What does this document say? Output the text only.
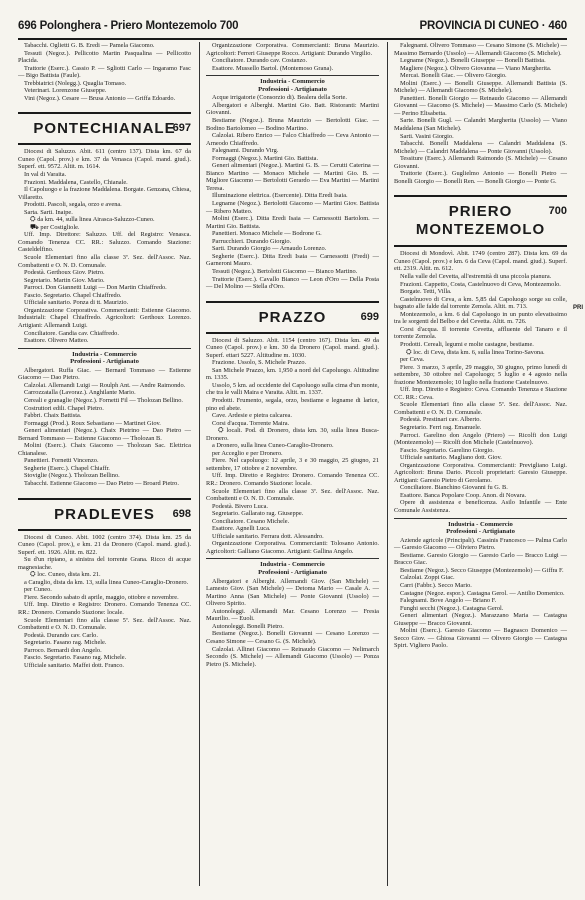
696 Polonghera - Priero Montezemolo 700	PROVINCIA DI CUNEO · 460
PRI

Tabacchi. Oglietti G. B. Eredi — Pamela Giacomo.

Tessuti (Negoz.). Pellicotto Martin Pasqualina — Pellicotto Placida.

Trattorie (Eserc.). Cassio P. — Sgliotti Carlo — Ingaramo Fasc — Bigo Battista (Faule).

Trebbiatrici (Nolegg.). Quaglia Tomaso.

Veterinari. Lorenzone Giuseppe.

Vini (Negoz.). Cesare — Brusa Antonio — Griffa Edoardo.

PONTECHIANALE
697

Diocesi di Saluzzo. Abit. 611 (centro 137). Dista km. 67 da Cuneo (Capol. prov.) e km. 37 da Venasca (Capol. mand. giud.). Superf. ett. 9572. Altit. m. 1614.

In val di Varaita.

Frazioni. Maddalena, Castello, Chianale.

Il Capoluogo e la frazione Maddalena. Borgate. Genzana, Chiesa, Villaretto.

Prodotti. Pascoli, segala, orzo e avena.

Sarta. Sarti. Inaipe.

⛭ da km. 44, sulla linea Airasca-Saluzzo-Cuneo.

⛟ per Costigliole.

Uff. Imp. Direttore: Saluzzo. Uff. del Registro: Venasca. Comando Tenenza CC. RR.: Saluzzo. Comando Stazione: Casteldelfino.

Scuole Elementari fino alla classe 3ª. Sez. dell'Assoc. Naz. Combattenti e O. N. D. Comunale.

Podestà. Gerthoux Giov. Pietro.

Segretario. Martin Giov. Mario.

Parroci. Don Giannetti Luigi — Don Martin Chiaffredo.

Fascio. Segretario. Chapel Chiaffredo.

Ufficiale sanitario. Ponza di tt. Maurizio.

Organizzazione Corporativa. Commercianti: Estienne Giacomo. Industriali: Chapel Chiaffredo. Agricoltori: Gerthoux Lorenzo. Artigiani: Allemandi Luigi.

Conciliatore. Gandia cav. Chiaffredo.

Esattore. Olivero Matteo.

Industria - Commercio
Professioni - Artigianato

Albergatori. Ruffa Giac. — Bernard Tommaso — Estienne Giacomo — Dao Pietro.

Calzolai. Allemandi Luigi — Roulph Ant. — Andre Raimondo.

Carrozzatalla (Lavoraz.). Anghilante Mario.

Cereali e granaglie (Negoz.). Fornetti Fil — Tholozan Bellino.

Costruttori edili. Chapel Pietro.

Fabbri. Chaix Battista.

Formaggi (Prod.). Roux Sebastiano — Martinet Giov.

Generi alimentari (Negoz.). Chaix Pietrino — Dao Pietro — Bernard Tommaso — Estienne Giacomo — Tholozan B.

Molini (Eserc.). Chaix Giacomo — Tholozan Sac. Elettrica Chianalese.

Panettieri. Fornetti Vincenzo.

Segherie (Eserc.). Chapel Chiaffr.

Stoviglie (Negoz.). Tholozan Bellino.

Tabacchi. Estienne Giacomo — Dao Pietro — Broard Pietro.

PRADLEVES	698

Diocesi di Cuneo. Abit. 1002 (centro 374). Dista km. 25 da Cuneo (Capol. prov.), e km. 21 da Dronero (Capol. mand. giud.). Superf. ett. 1926. Altit. m. 822.

Su d'un ripiano, a sinistra del torrente Grana. Ricco di acque magnesiache.

⛭ loc. Cuneo, dista km. 21.

a Caraglio, dista da km. 13, sulla linea Cuneo-Caraglio-Dronero.

per Cuneo.

Fiere. Secondo sabato di aprile, maggio, ottobre e novembre.

Uff. Imp. Diretto e Registro: Dronero. Comando Tenenza CC. RR.: Dronero. Comando Stazione: locale.

Scuole Elementari fino alla classe 5ª. Sez. dell'Assoc. Naz. Combattenti e O. N. D. Comunale.

Podestà. Durando cav. Carlo.

Segretario. Fasano rag. Michele.

Parroco. Bernardi don Angelo.

Fascio. Segretario. Fasano rag. Michele.

Ufficiale sanitario. Maffei dott. Franco.

Organizzazione Corporativa. Commercianti: Bruna Maurizio. Agricoltori: Ferreri Giuseppe Rocco. Artigiani: Durando Virgilio.

Conciliatore. Durando cav. Costanzo.

Esattore. Mussello Bartol. (Montemoso Grana).

Industria - Commercio
Professioni - Artigianato

Acque irrigatorie (Consorzio di). Bealera della Sorte.

Albergatori e Alberghi. Martini Gio. Batt. Ristoranti: Martini Giovanni.

Bestiame (Negoz.). Bruna Maurizio — Bertolotti Giac. — Bodino Bartolomeo — Bodino Martino.

Calzolai. Ribero Enrico — Falco Chiaffredo — Ceva Antonio — Arneodo Chiaffredo.

Falegnami. Durando Virg.

Formaggi (Negoz.). Martini Gio. Battista.

Generi alimentari (Negoz.). Martini G. B. — Cerutti Caterina — Bianco Martino — Monaco Michele — Martini Gio. B. — Migliore Giacomo — Bertolotti Gerardo — Eva Martini — Martini Teresa.

Illuminazione elettrica. (Esercente). Ditta Eredi Isaia.

Legname (Negoz.). Bertolotti Giacomo — Martini Giov. Battista — Ribero Matteo.

Molini (Eserc.). Ditta Eredi Isaia — Carnessotti Bartolom. — Martini Gio. Battista.

Panettieri. Monaco Michele — Bodrone G.

Parrucchieri. Durando Giorgio.

Sarti. Durando Giorgio — Arnaudo Lorenzo.

Segherie (Eserc.). Ditta Eredi Isaia — Carnessotti (Fredi) — Garneroni Mauro.

Tessuti (Negoz.). Bertolotti Giacomo — Bianco Martino.

Trattorie (Eserc.). Cavallo Bianco — Leon d'Oro — Della Posta — Del Molino — Stella d'Oro.

PRAZZO	699

Diocesi di Saluzzo. Abit. 1154 (centro 167). Dista km. 49 da Cuneo (Capol. prov.) e km. 30 da Dronero (Capol. mand. giud.). Superf. ettari 5227. Altitudine m. 1030.

Frazione. Ussolo, S. Michele Prazzo.

San Michele Prazzo, km. 1,950 a nord del Capoluogo. Altitudine m. 1335.

Ussolo, 5 km. ad occidente del Capoluogo sulla cima d'un monte, che tra le valli Maira e Varaita. Altit. m. 1337.

Prodotti. Frumento, segala, orzo, bestiame e legname di larice, pino ed abete.

Cave. Ardesie e pietra calcarea.

Corsi d'acqua. Torrente Maira.

⛭ locali. Pod. di Dronero, dista km. 30, sulla linea Busca-Dronero.

a Dronero, sulla linea Cuneo-Caraglio-Dronero.

per Acceglio e per Dronero.

Fiere. Nel capoluogo: 12 aprile, 3 e 30 maggio, 25 giugno, 21 settembre, 17 ottobre e 2 novembre.

Uff. Imp. Diretto e Registro: Dronero. Comando Tenenza CC. RR.: Dronero. Comando Stazione: locale.

Scuole Elementari fino alla classe 3ª. Sez. dell'Assoc. Naz. Combattenti e O. N. D. Comunale.

Podestà. Bivero Luca.

Segretario. Gallarato rag. Giuseppe.

Conciliatore. Cesano Michele.

Esattore. Agnelli Luca.

Ufficiale sanitario. Ferrara dott. Alessandro.

Organizzazione Corporativa. Commercianti: Tolosano Antonio. Agricoltori: Galliano Giacomo. Artigiani: Gallina Angelo.

Industria - Commercio
Professioni - Artigianato

Albergatori e Alberghi. Allemandi Giov. (San Michele) — Lamesto Giov. (San Michele) — Detoma Mario — Casale A. — Martino Anna (San Michele) — Ponte Giovanni (Ussolo) — Olivero Spirito.

Autonoleggi. Allemandi Mar. Cesano Lorenzo — Fresia Maurilio. — Euoli.

Autonoleggi. Bonelli Pietro.

Bestiame (Negoz.). Bonelli Giovanni — Cesano Lorenzo — Cesano Simone — Cesano G. (S. Michele).

Calzolai. Allinei Giacomo — Reinaudo Giacomo — Nelimarch Secondo (S. Michele) — Allemandi Giacomo (Ussolo) — Ponza Pietro (S. Michele).

Falegnami. Olivero Tommaso — Cesano Simone (S. Michele) — Massimo Bernardo (Ussolo) — Allemandi Giacomo (S. Michele).

Legname (Negoz.). Bonelli Giuseppe — Bonelli Battista.

Magliere (Negoz.). Olivero Giovanna — Viano Margherita.

Mercai. Bonelli Giac. — Olivero Giorgio.

Molini (Eserc.) — Bonelli Giuseppe. Allemandi Battista (S. Michele) — Allemandi Giacomo (S. Michele).

Panettieri. Bonelli Giorgio — Reinaudo Giacomo — Allemandi Giovanni — Giacomo (S. Michele) — Massimo Carlo (S. Michele) — Perino Elisabetta.

Sarte. Bonelli Gugl. — Calandri Margherita (Ussolo) — Viano Maddalena (San Michele).

Sarti. Vasini Giorgio.

Tabacchi. Bonelli Maddalena — Calandri Maddalena (S. Michele) — Calandri Maddalena — Ponte Giovanni (Ussolo).

Tessiture (Eserc.). Allemandi Raimondo (S. Michele) — Cesano Giovanni.

Trattorie (Eserc.). Guglielmo Antonio — Bonelli Pietro — Bonelli Giorgio — Bonelli Ren. — Bonelli Giorgio — Ponte G.

PRIERO
MONTEZEMOLO
700

Diocesi di Mondovì. Abit. 1749 (centro 287). Dista km. 69 da Cuneo (Capol. prov.) e km. 6 da Ceva (Capol. mand. giud.). Superf. ett. 2319. Altit. m. 612.

Nella valle del Cevetta, all'estremità di una piccola pianura.

Frazioni. Cappetto, Costa, Castelnuovo di Ceva, Montezemolo.

Borgate. Tetti, Villa.

Castelnuovo di Ceva, a km. 5,85 dal Capoluogo sorge su colle, bagnato alle falde dal torrente Zemola. Altit. m. 713.

Montezemolo, a km. 6 dal Capoluogo in un punto elevatissimo tra le sorgenti del Belbo e del Cevetta. Altit. m. 726.

Corsi d'acqua. Il torrente Cevetta, affluente del Tanaro e il torrente Zemola.

Prodotti. Cereali, legumi e molte castagne, bestiame.

⛭ loc. di Ceva, dista km. 6, sulla linea Torino-Savona.

per Ceva.

Fiere. 3 marzo, 3 aprile, 29 maggio, 30 giugno, primo lunedì di settembre, 30 ottobre nel Capoluogo; 5 luglio e 4 agosto nella frazione Montezemolo; 10 luglio nella frazione Castelnuovo.

Uff. Imp. Diretto e Registro: Ceva. Comando Tenenza e Stazione CC. RR.: Ceva.

Scuole Elementari fino alla classe 5ª. Sez. dell'Assoc. Naz. Combattenti e O. N. D. Comunale.

Podestà. Prestinari cav. Alberto.

Segretario. Ferri rag. Emanuele.

Parroci. Garelino don Angelo (Priero) — Ricolfi don Luigi (Montezemolo) — Ricolfi don Michele (Castelnuovo).

Fascio. Segretario. Garelino Giorgio.

Ufficiale sanitario. Magliano dott. Giov.

Organizzazione Corporativa. Commercianti: Previgliano Luigi. Agricoltori: Bruna Dario. Piccoli proprietari: Garesio Giuseppe. Artigiani: Garesio Pietro di Gerolamo.

Conciliatore. Bianchino Giovanni fu G. B.

Esattore. Banca Popolare Coop. Anon. di Novara.

Opere di assistenza e beneficenza. Asilo Infantile — Ente Comunale Assistenza.

Industria - Commercio
Professioni - Artigianato

Aziende agricole (Principali). Cassinis Francesco — Palma Carlo — Garesio Giacomo — Oliviero Pietro.

Bestiame. Garesio Giorgio — Garesio Carlo — Bracco Luigi — Bracco Giac.

Bestiame (Negoz.). Secco Giuseppe (Montezemolo) — Giffra F.

Calzolai. Zoppi Giac.

Carri (Fabbr.). Secco Mario.

Castagne (Negoz. espor.). Castagna Gerol. — Antilio Domenico.

Falegnami. Bove Angelo — Briano F.

Funghi secchi (Negoz.). Castagna Gerol.

Generi alimentari (Negoz.). Marazzano Maria — Castagna Giuseppe — Bracco Giovanni.

Molini (Eserc.). Garesio Giacomo — Bagnasco Domenico — Secco Giov. — Ghiosa Giovanni — Olivero Giorgio — Castagna Spirt. Vigliero Paolo.
